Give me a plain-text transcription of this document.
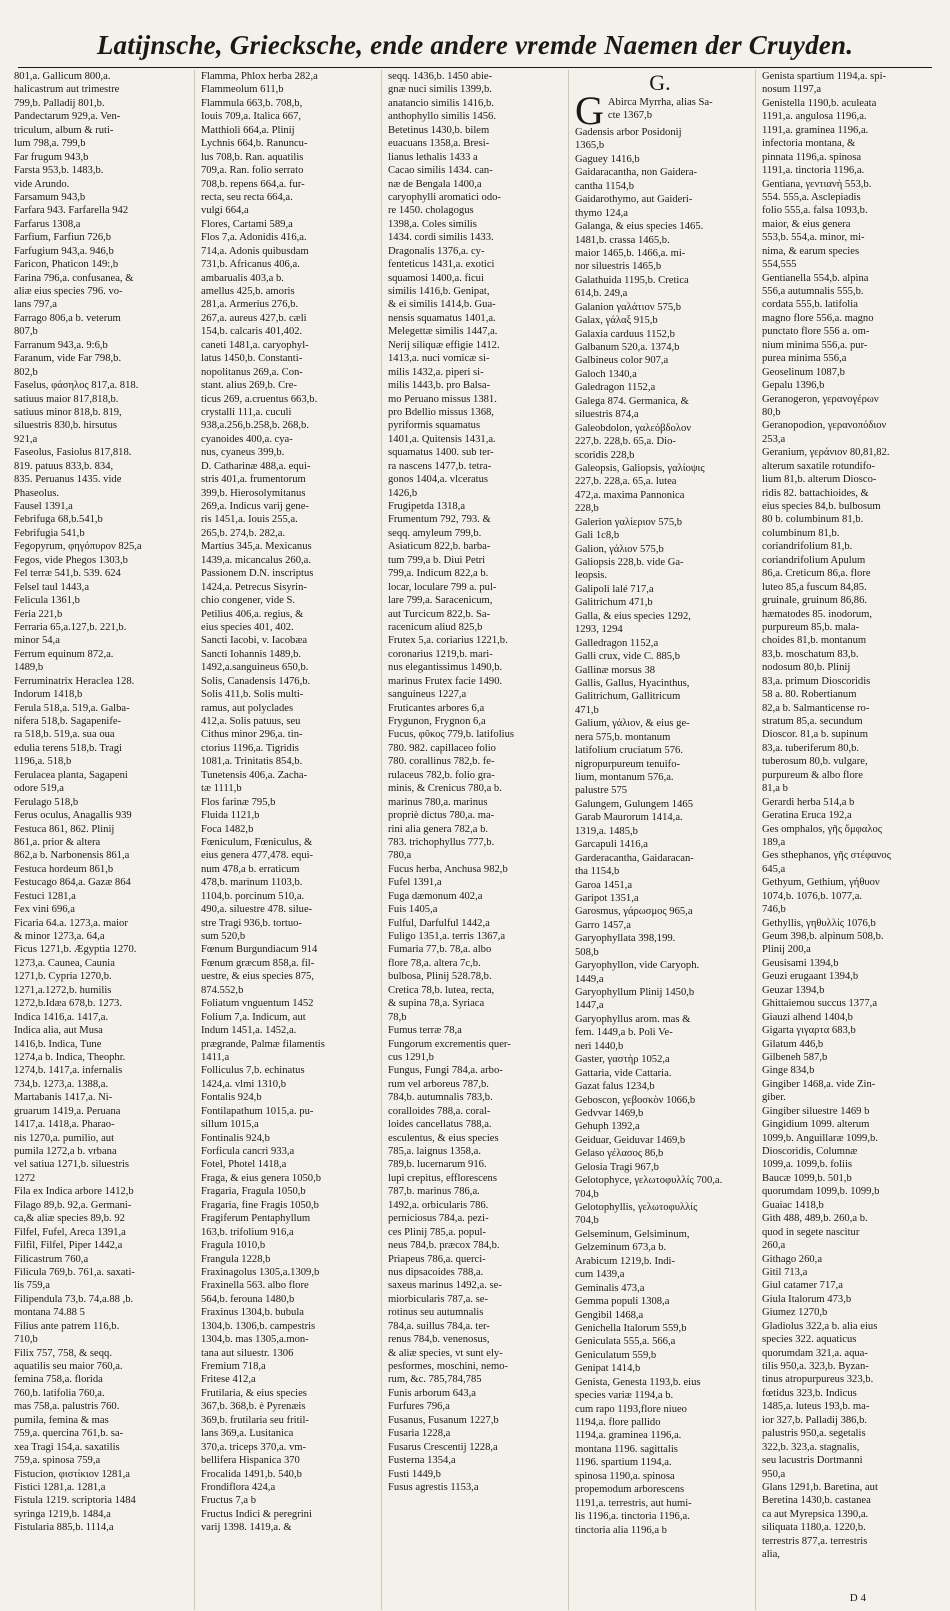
Latijnsche, Grieckschе, ende andere vremde Naemen der Cruyden.
801,a. Gallicum 800,a.
halicastrum aut trimestre
799,b. Palladij 801,b.
Pandectarum 929,a. Ven-
triculum, album & ruti-
lum 798,a. 799,b
Far frugum 943,b
Farsta 953,b. 1483,b.
vide Arundo.
Farsamum 943,b
Farfara 943. Farfarella 942
Farfarus 1308,a
Farfium, Farfiun 726,b
Farfugium 943,a. 946,b
Faricon, Phaticon 149:,b
Farina 796,a. confusanea, &
aliæ eius species 796. vo-
lans 797,a
Farrago 806,a b. veterum
807,b
Farranum 943,a. 9:6,b
Faranum, vide Far 798,b.
802,b
Faselus, φάσηλος 817,a. 818.
satiuus maior 817,818,b.
satiuus minor 818,b. 819,
siluestris 830,b. hirsutus
921,a
Faseolus, Fasiolus 817,818.
819. patuus 833,b. 834,
835. Peruanus 1435. vide
Phaseolus.
Fausel 1391,a
Febrifuga 68,b.541,b
Febrifugia 541,b
Fegopyrum, φηγόπυρον 825,a
Fegos, vide Phegos 1303,b
Fel terræ 541,b. 539. 624
Felsel taul 1443,a
Felicula 1361,b
Feria 221,b
Ferraria 65,a.127,b. 221,b.
minor 54,a
Ferrum equinum 872,a.
1489,b
Ferruminatrix Heraclea 128.
Indorum 1418,b
Ferula 518,a. 519,a. Galba-
nifera 518,b. Sagapenife-
ra 518,b. 519,a. sua oua
edulia terens 518,b. Tragi
1196,a. 518,b
Ferulacea planta, Sagapeni
odore 519,a
Ferulago 518,b
Ferus oculus, Anagallis 939
Festuca 861, 862. Plinij
861,a. prior & altera
862,a b. Narbonensis 861,a
Festuca hordeum 861,b
Festucago 864,a. Gazæ 864
Festuci 1281,a
Fex vini 696,a
Ficaria 64.a. 1273,a. maior
& minor 1273,a. 64,a
Ficus 1271,b. Ægyptia 1270.
1273,a. Caunea, Caunia
1271,b. Cypria 1270,b.
1271,a.1272,b. humilis
1272,b.Idæa 678,b. 1273.
Indica 1416,a. 1417,a.
Indica alia, aut Musa
1416,b. Indica, Tune
1274,a b. Indica, Theophr.
1274,b. 1417,a. infernalis
734,b. 1273,a. 1388,a.
Martabanis 1417,a. Ni-
gruarum 1419,a. Peruana
1417,a. 1418,a. Pharao-
nis 1270,a. pumilio, aut
pumila 1272,a b. vrbana
vel satiua 1271,b. siluestris
1272
Fila ex Indica arbore 1412,b
Filago 89,b. 92,a. Germani-
ca,& aliæ species 89,b. 92
Filfel, Fufel, Areca 1391,a
Filfil, Filfel, Piper 1442,a
Filicastrum 760,a
Filicula 769,b. 761,a. saxati-
lis 759,a
Filipendula 73,b. 74,a.88 ,b.
montana 74.88 5
Filius ante patrem 116,b.
710,b
Filix 757, 758, & seqq.
aquatilis seu maior 760,a.
femina 758,a. florida
760,b. latifolia 760,a.
mas 758,a. palustris 760.
pumila, femina & mas
759,a. quercina 761,b. sa-
xea Tragi 154,a. saxatilis
759,a. spinosa 759,a
Fistucion, φιστίκιον 1281,a
Fistici 1281,a. 1281,a
Fistula 1219. scriptoria 1484
syringa 1219,b. 1484,a
Fistularia 885,b. 1114,a
Flamma, Phlox herba 282,a
Flammeolum 611,b
Flammula 663,b. 708,b,
Iouis 709,a. Italica 667,
Matthioli 664,a. Plinij
Lychnis 664,b. Ranuncu-
lus 708,b. Ran. aquatilis
709,a. Ran. folio serrato
708,b. repens 664,a. fur-
recta, seu recta 664,a.
vulgi 664,a
Flores, Cartami 589,a
Flos 7,a. Adonidis 416,a.
714,a. Adonis quibusdam
731,b. Africanus 406,a.
ambarualis 403,a b.
amellus 425,b. amoris
281,a. Armerius 276,b.
267,a. aureus 427,b. cæli
154,b. calcaris 401,402.
caneti 1481,a. caryophyl-
latus 1450,b. Constanti-
nopolitanus 269,a. Con-
stant. alius 269,b. Cre-
ticus 269, a.cruentus 663,b.
crystalli 111,a. cuculi
938,a.256,b.258,b. 268,b.
cyanoides 400,a. cya-
nus, cyaneus 399,b.
D. Catharinæ 488,a. equi-
stris 401,a. frumentorum
399,b. Hierosolymitanus
269,a. Indicus varij gene-
ris 1451,a. Iouis 255,a.
265,b. 274,b. 282,a.
Martius 345,a. Mexicanus
1439,a. micancalus 260,a.
Passionem D.N. inscriptus
1424,a. Petrecus Sisyrin-
chio congener, vide S.
Petilius 406,a. regius, &
eius species 401, 402.
Sancti Iacobi, v. Iacobæa
Sancti Iohannis 1489,b.
1492,a.sanguineus 650,b.
Solis, Canadensis 1476,b.
Solis 411,b. Solis multi-
ramus, aut polyclades
412,a. Solis patuus, seu
Cithus minor 296,a. tin-
ctorius 1196,a. Tigridis
1081,a. Trinitatis 854,b.
Tunetensis 406,a. Zacha-
tæ 1111,b
Flos farinæ 795,b
Fluida 1121,b
Foca 1482,b
Fœniculum, Fœniculus, &
eius genera 477,478. equi-
num 478,a b. erraticum
478,b. marinum 1103,b.
1104,b. porcinum 510,a.
490,a. siluestre 478. silue-
stre Tragi 936,b. tortuo-
sum 520,b
Fœnum Burgundiacum 914
Fœnum græcum 858,a. fil-
uestre, & eius species 875,
874.552,b
Foliatum vnguentum 1452
Folium 7,a. Indicum, aut
Indum 1451,a. 1452,a.
prægrande, Palmæ filamentis
1411,a
Folliculus 7,b. echinatus
1424,a. vlmi 1310,b
Fontalis 924,b
Fontilapathum 1015,a. pu-
sillum 1015,a
Fontinalis 924,b
Forficula cancri 933,a
Fotel, Photel 1418,a
Fraga, & eius genera 1050,b
Fragaria, Fragula 1050,b
Fragaria, fine Fragis 1050,b
Fragiferum Pentaphyllum
163,b. trifolium 916,a
Fragula 1010,b
Frangula 1228,b
Fraxinagolus 1305,a.1309,b
Fraxinella 563. albo flore
564,b. ferouna 1480,b
Fraxinus 1304,b. bubula
1304,b. 1306,b. campestris
1304,b. mas 1305,a.mon-
tana aut siluestr. 1306
Fremium 718,a
Fritese 412,a
Frutilaria, & eius species
367,b. 368,b. è Pyrenæis
369,b. frutilaria seu fritil-
lans 369,a. Lusitanica
370,a. triceps 370,a. vm-
bellifera Hispanica 370
Frocalida 1491,b. 540,b
Frondiflora 424,a
Fructus 7,a b
Fructus Indici & peregrini
varij 1398. 1419,a. &
seqq. 1436,b. 1450 abie-
gnæ nuci similis 1399,b.
anatancio similis 1416,b.
anthophyllo similis 1456.
Betetinus 1430,b. bilem
euacuans 1358,a. Bresi-
lianus lethalis 1433 a
Cacao similis 1434. can-
næ de Bengala 1400,a
caryophylli aromatici odo-
re 1450. cholagogus
1398,a. Coles similis
1434. cordi similis 1433.
Dragonalis 1376,a. cy-
fenteticus 1431,a. exotici
squamosi 1400,a. ficui
similis 1416,b. Genipat,
& ei similis 1414,b. Gua-
nensis squamatus 1401,a.
Melegettæ similis 1447,a.
Nerij siliquæ effigie 1412.
1413,a. nuci vomicæ si-
milis 1432,a. piperi si-
milis 1443,b. pro Balsa-
mo Peruano missus 1381.
pro Bdellio missus 1368,
pyriformis squamatus
1401,a. Quitensis 1431,a.
squamatus 1400. sub ter-
ra nascens 1477,b. tetra-
gonos 1404,a. vlceratus
1426,b
Frugipetda 1318,a
Frumentum 792, 793. &
seqq. amyleum 799,b.
Asiaticum 822,b. barba-
tum 799,a b. Diui Petri
799,a. Indicum 822,a b.
locar, loculare 799 a. pul-
lare 799,a. Saracenicum,
aut Turcicum 822,b. Sa-
racenicum aliud 825,b
Frutex 5,a. coriarius 1221,b.
coronarius 1219,b. mari-
nus elegantissimus 1490,b.
marinus Frutex facie 1490.
sanguineus 1227,a
Fruticantes arbores 6,a
Frygunon, Frygnon 6,a
Fucus, φῦκος 779,b. latifolius
780. 982. capillaceo folio
780. corallinus 782,b. fe-
rulaceus 782,b. folio gra-
minis, & Crenicus 780,a b.
marinus 780,a. marinus
propriè dictus 780,a. ma-
rini alia genera 782,a b.
783. trichophyllus 777,b.
780,a
Fucus herba, Anchusa 982,b
Fufel 1391,a
Fuga dæmonum 402,a
Fuis 1405,a
Fulful, Darfulful 1442,a
Fuligo 1351,a. terris 1367,a
Fumaria 77,b. 78,a. albo
flore 78,a. altera 7c,b.
bulbosa, Plinij 528.78,b.
Cretica 78,b. lutea, recta,
& supina 78,a. Syriaca
78,b
Fumus terræ 78,a
Fungorum excrementis quer-
cus 1291,b
Fungus, Fungi 784,a. arbo-
rum vel arboreus 787,b.
784,b. autumnalis 783,b.
coralloides 788,a. coral-
loides cancellatus 788,a.
esculentus, & eius species
785,a. laignus 1358,a.
789,b. lucernarum 916.
lupi crepitus, efflorescens
787,b. marinus 786,a.
1492,a. orbicularis 786.
perniciosus 784,a. pezi-
ces Plinij 785,a. popul-
neus 784,b. præcox 784,b.
Priapeus 786,a. querci-
nus dipsacoides 788,a.
saxeus marinus 1492,a. se-
miorbicularis 787,a. se-
rotinus seu autumnalis
784,a. suillus 784,a. ter-
renus 784,b. venenosus,
& aliæ species, vt sunt ely-
pesformes, moschini, nemo-
rum, &c. 785,784,785
Funis arborum 643,a
Furfures 796,a
Fusanus, Fusanum 1227,b
Fusaria 1228,a
Fusarus Crescentij 1228,a
Fusterna 1354,a
Fusti 1449,b
Fusus agrestis 1153,a
G.
G Abirca Myrrha, alias Sa-
cte 1367,b
Gadensis arbor Posidonij
1365,b
Gaguey 1416,b
Gaidaracantha, non Gaidera-
cantha 1154,b
Gaidarothymo, aut Gaideri-
thymo 124,a
Galanga, & eius species 1465.
1481,b. crassa 1465,b.
maior 1465,b. 1466,a. mi-
nor siluestris 1465,b
Galathuida 1195,b. Cretica
614,b. 249,a
Galanion γαλάτιον 575,b
Galax, γάλαξ 915,b
Galaxia carduus 1152,b
Galbanum 520,a. 1374,b
Galbineus color 907,a
Galoch 1340,a
Galedragon 1152,a
Galega 874. Germanica, &
siluestris 874,a
Galeobdolon, γαλεόβδολον
227,b. 228,b. 65,a. Dio-
scoridis 228,b
Galeopsis, Galiopsis, γαλίοψις
227,b. 228,a. 65,a. lutea
472,a. maxima Pannonica
228,b
Galerion γαλίεριον 575,b
Gali 1c8,b
Galion, γάλιον 575,b
Galiopsis 228,b. vide Ga-
leopsis.
Galipoli lalé 717,a
Galitrichum 471,b
Galla, & eius species 1292,
1293, 1294
Galledragon 1152,a
Galli crux, vide C. 885,b
Gallinæ morsus 38
Gallis, Gallus, Hyacinthus,
Galitrichum, Gallitricum
471,b
Galium, γάλιον, & eius ge-
nera 575,b. montanum
latifolium cruciatum 576.
nigropurpureum tenuifo-
lium, montanum 576,a.
palustre 575
Galungem, Gulungem 1465
Garab Maurorum 1414,a.
1319,a. 1485,b
Garcapuli 1416,a
Garderacantha, Gaidaracan-
tha 1154,b
Garoa 1451,a
Garipot 1351,a
Garosmus, γάρωσμος 965,a
Garro 1457,a
Garyophyllata 398,199.
508,b
Garyophyllon, vide Caryoph.
1449,a
Garyophyllum Plinij 1450,b
1447,a
Garyophyllus arom. mas &
fem. 1449,a b. Poli Ve-
neri 1440,b
Gaster, γαστὴρ 1052,a
Gattaria, vide Cattaria.
Gazat falus 1234,b
Geboscon, γεβοσκὸν 1066,b
Gedvvar 1469,b
Gehuph 1392,a
Geiduar, Geiduvar 1469,b
Gelaso γέλασος 86,b
Gelosia Tragi 967,b
Gelotophyce, γελωτοφυλλίς 700,a.
704,b
Gelotophyllis, γελωτοφυλλίς
704,b
Gelseminum, Gelsiminum,
Gelzeminum 673,a b.
Arabicum 1219,b. Indi-
cum 1439,a
Geminalis 473,a
Gemma populi 1308,a
Gengibil 1468,a
Genichella Italorum 559,b
Geniculata 555,a. 566,a
Geniculatum 559,b
Genipat 1414,b
Genista, Genesta 1193,b. eius
species variæ 1194,a b.
cum rapo 1193,flore niueo
1194,a. flore pallido
1194,a. graminea 1196,a.
montana 1196. sagittalis
1196. spartium 1194,a.
spinosa 1190,a. spinosa
propemodum arborescens
1191,a. terrestris, aut humi-
lis 1196,a. tinctoria 1196,a.
tinctoria alia 1196,a b
Genista spartium 1194,a. spi-
nosum 1197,a
Genistella 1190,b. aculeata
1191,a. angulosa 1196,a.
1191,a. graminea 1196,a.
infectoria montana, &
pinnata 1196,a. spinosa
1191,a. tinctoria 1196,a.
Gentiana, γεντιανὴ 553,b.
554. 555,a. Asclepiadis
folio 555,a. falsa 1093,b.
maior, & eius genera
553,b. 554,a. minor, mi-
nima, & earum species
554,555
Gentianella 554,b. alpina
556,a autumnalis 555,b.
cordata 555,b. latifolia
magno flore 556,a. magno
punctato flore 556 a. om-
nium minima 556,a. pur-
purea minima 556,a
Geoselinum 1087,b
Gepalu 1396,b
Geranogeron, γερανογέρων
80,b
Geranopodion, γερανοπόδιον
253,a
Geranium, γεράνιον 80,81,82.
alterum saxatile rotundifo-
lium 81,b. alterum Diosco-
ridis 82. battachioides, &
eius species 84,b. bulbosum
80 b. columbinum 81,b.
columbinum 81,b.
coriandrifolium 81,b.
coriandrifolium Apulum
86,a. Creticum 86,a. flore
luteo 85,a fuscum 84,85.
gruinale, gruinum 86,86.
hæmatodes 85. inodorum,
purpureum 85,b. mala-
choides 81,b. montanum
83,b. moschatum 83,b.
nodosum 80,b. Plinij
83,a. primum Dioscoridis
58 a. 80. Robertianum
82,a b. Salmanticense ro-
stratum 85,a. secundum
Dioscor. 81,a b. supinum
83,a. tuberiferum 80,b.
tuberosum 80,b. vulgare,
purpureum & albo flore
81,a b
Gerardi herba 514,a b
Geratina Eruca 192,a
Ges omphalos, γῆς ὄμφαλος
189,a
Ges sthephanos, γῆς στέφανος
645,a
Gethyum, Gethium, γήθυον
1074,b. 1076,b. 1077,a.
746,b
Gethyllis, γηθυλλίς 1076,b
Geum 398,b. alpinum 508,b.
Plinij 200,a
Geusisami 1394,b
Geuzi erugaant 1394,b
Geuzar 1394,b
Ghittaiemou succus 1377,a
Giauzi alhend 1404,b
Gigarta γιγαρτα 683,b
Gilatum 446,b
Gilbeneh 587,b
Ginge 834,b
Gingiber 1468,a. vide Zin-
giber.
Gingiber siluestre 1469 b
Gingidium 1099. alterum
1099,b. Anguillaræ 1099,b.
Dioscoridis, Columnæ
1099,a. 1099,b. foliis
Baucæ 1099,b. 501,b
quorumdam 1099,b. 1099,b
Guaiac 1418,b
Gith 488, 489,b. 260,a b.
quod in segete nascitur
260,a
Githago 260,a
Gitil 713,a
Giul catamer 717,a
Giula Italorum 473,b
Giumez 1270,b
Gladiolus 322,a b. alia eius
species 322. aquaticus
quorumdam 321,a. aqua-
tilis 950,a. 323,b. Byzan-
tinus atropurpureus 323,b.
fœtidus 323,b. Indicus
1485,a. luteus 193,b. ma-
ior 327,b. Palladij 386,b.
palustris 950,a. segetalis
322,b. 323,a. stagnalis,
seu lacustris Dortmanni
950,a
Glans 1291,b. Baretina, aut
Beretina 1430,b. castanea
ca aut Myrepsica 1390,a.
siliquata 1180,a. 1220,b.
terrestris 877,a. terrestris
alia,
D 4
